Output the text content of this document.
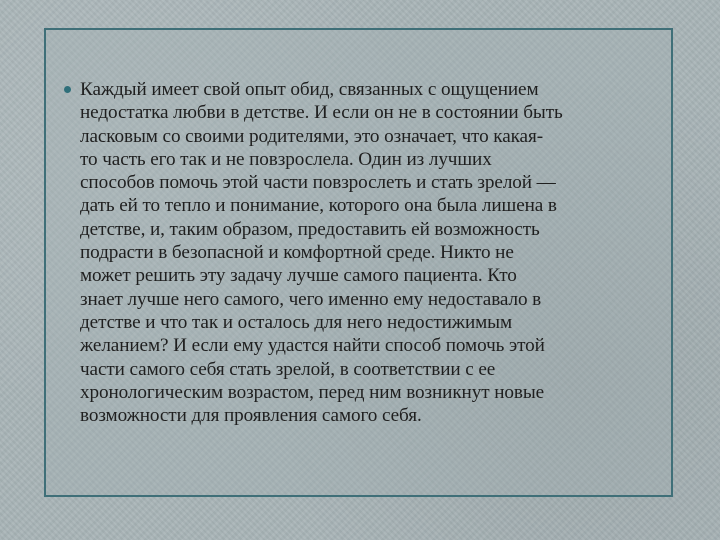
Каждый имеет свой опыт обид, связанных с ощущением
недостатка любви в детстве. И если он не в состоянии быть
ласковым со своими родителями, это означает, что какая-
то часть его так и не повзрослела. Один из лучших
способов помочь этой части повзрослеть и стать зрелой —
дать ей то тепло и понимание, которого она была лишена в
детстве, и, таким образом, предоставить ей возможность
подрасти в безопасной и комфортной среде. Никто не
может решить эту задачу лучше самого пациента. Кто
знает лучше него самого, чего именно ему недоставало в
детстве и что так и осталось для него недостижимым
желанием? И если ему удастся найти способ помочь этой
части самого себя стать зрелой, в соответствии с ее
хронологическим возрастом, перед ним возникнут новые
возможности для проявления самого себя.
